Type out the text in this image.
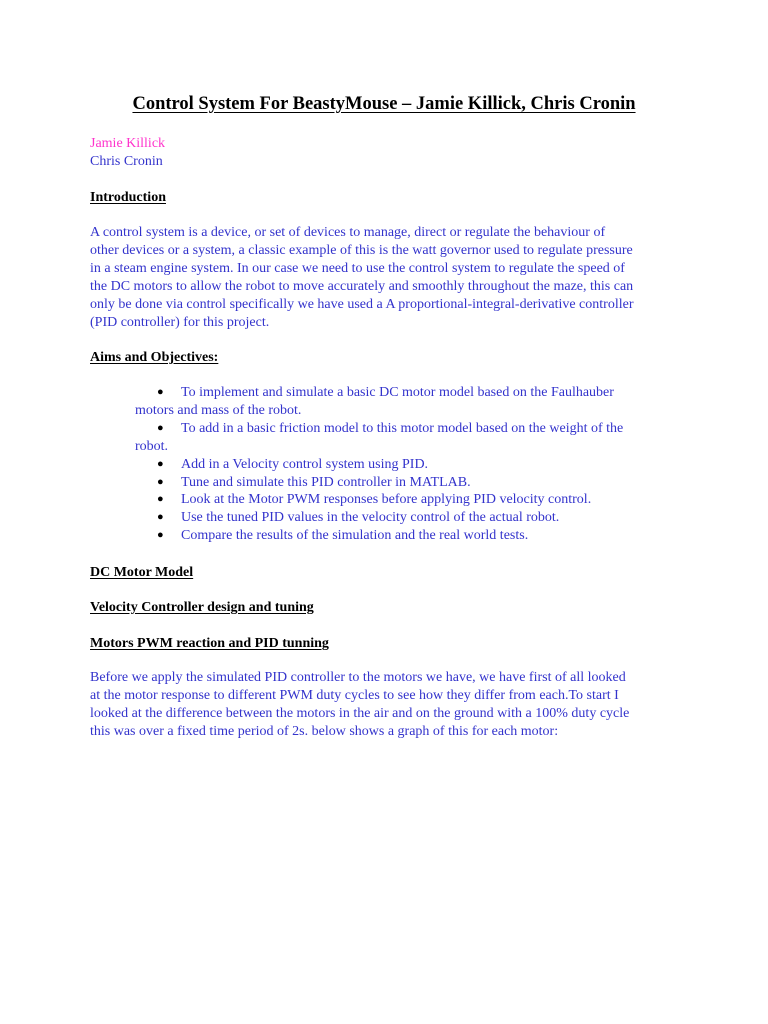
Control System For BeastyMouse – Jamie Killick, Chris Cronin
Jamie Killick
Chris Cronin
Introduction

A control system is a device, or set of devices to manage, direct or regulate the behaviour of
other devices or a system, a classic example of this is the watt governor used to regulate pressure
in a steam engine system. In our case we need to use the control system to regulate the speed of
the DC motors to allow the robot to move accurately and smoothly throughout the maze, this can
only be done via control specifically we have used a A proportional-integral-derivative controller
(PID controller) for this project.

Aims and Objectives:
● To implement and simulate a basic DC motor model based on the Faulhauber
motors and mass of the robot.
● To add in a basic friction model to this motor model based on the weight of the
robot.
● Add in a Velocity control system using PID.
● Tune and simulate this PID controller in MATLAB.
● Look at the Motor PWM responses before applying PID velocity control.
● Use the tuned PID values in the velocity control of the actual robot.
● Compare the results of the simulation and the real world tests.
DC Motor Model
Velocity Controller design and tuning
Motors PWM reaction and PID tunning

Before we apply the simulated PID controller to the motors we have, we have first of all looked
at the motor response to different PWM duty cycles to see how they differ from each.To start I
looked at the difference between the motors in the air and on the ground with a 100% duty cycle
this was over a fixed time period of 2s. below shows a graph of this for each motor:
